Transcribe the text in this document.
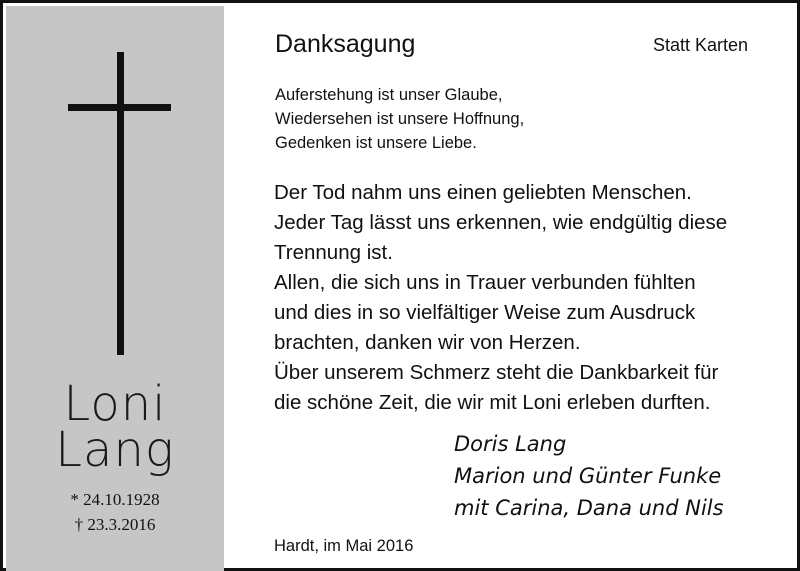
Loni
Lang
* 24.10.1928
† 23.3.2016
Danksagung	Statt Karten
Auferstehung ist unser Glaube,
Wiedersehen ist unsere Hoffnung,
Gedenken ist unsere Liebe.
Der Tod nahm uns einen geliebten Menschen.
Jeder Tag lässt uns erkennen, wie endgültig diese
Trennung ist.
Allen, die sich uns in Trauer verbunden fühlten
und dies in so vielfältiger Weise zum Ausdruck
brachten, danken wir von Herzen.
Über unserem Schmerz steht die Dankbarkeit für
die schöne Zeit, die wir mit Loni erleben durften.
Doris Lang
Marion und Günter Funke
mit Carina, Dana und Nils
Hardt, im Mai 2016
